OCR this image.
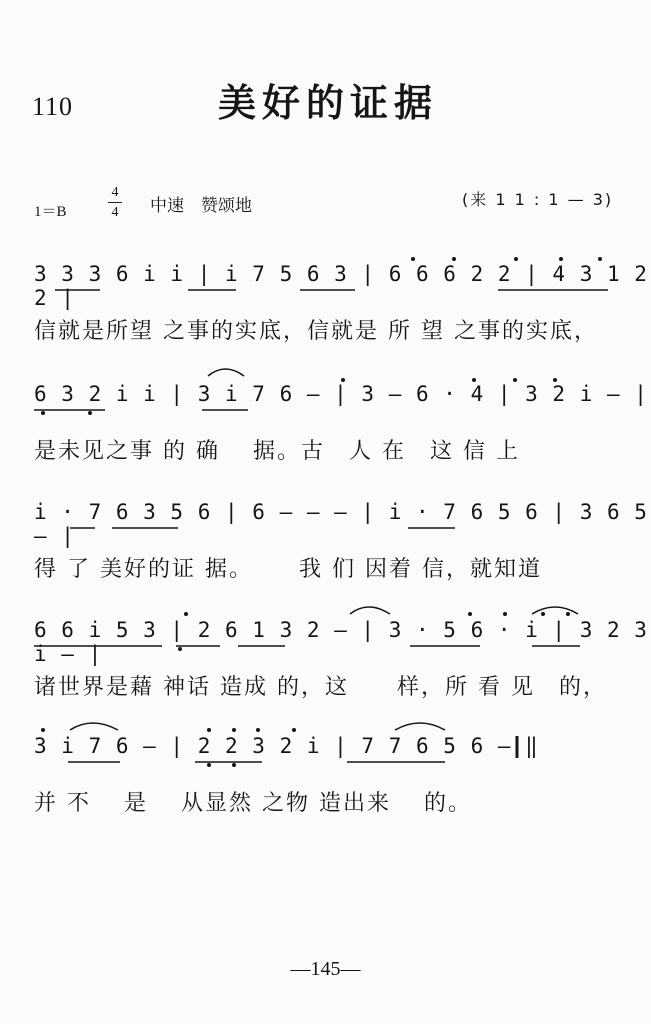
110	美好的证据
1＝B
4
4 中速　赞颂地	(来 1 1 : 1 — 3)
3 3 3 6 i i | i 7 5 6 3 | 6 6 6 2 2 | 4 3 1 2 2 |
信就是所望 之事的实底，信就是 所 望 之事的实底，
6 3 2 i i | 3 i 7 6 – | 3 – 6 · 4 | 3 2 i – |
是未见之事 的 确　 据。古　人 在　这 信 上
i · 7 6 3 5 6 | 6 – – – | i · 7 6 5 6 | 3 6 5 – |
得 了 美好的证 据。　　 我 们 因着 信，就知道
6 6 i 5 3 | 2 6 1 3 2 – | 3 · 5 6 · i | 3 2 3 i – |
诸世界是藉 神话 造成 的，这　　样，所 看 见　的，
3 i 7 6 – | 2 2 3 2 i | 7 7 6 5 6 – ‖
并 不　 是　 从显然 之物 造出来　 的。
—145—
